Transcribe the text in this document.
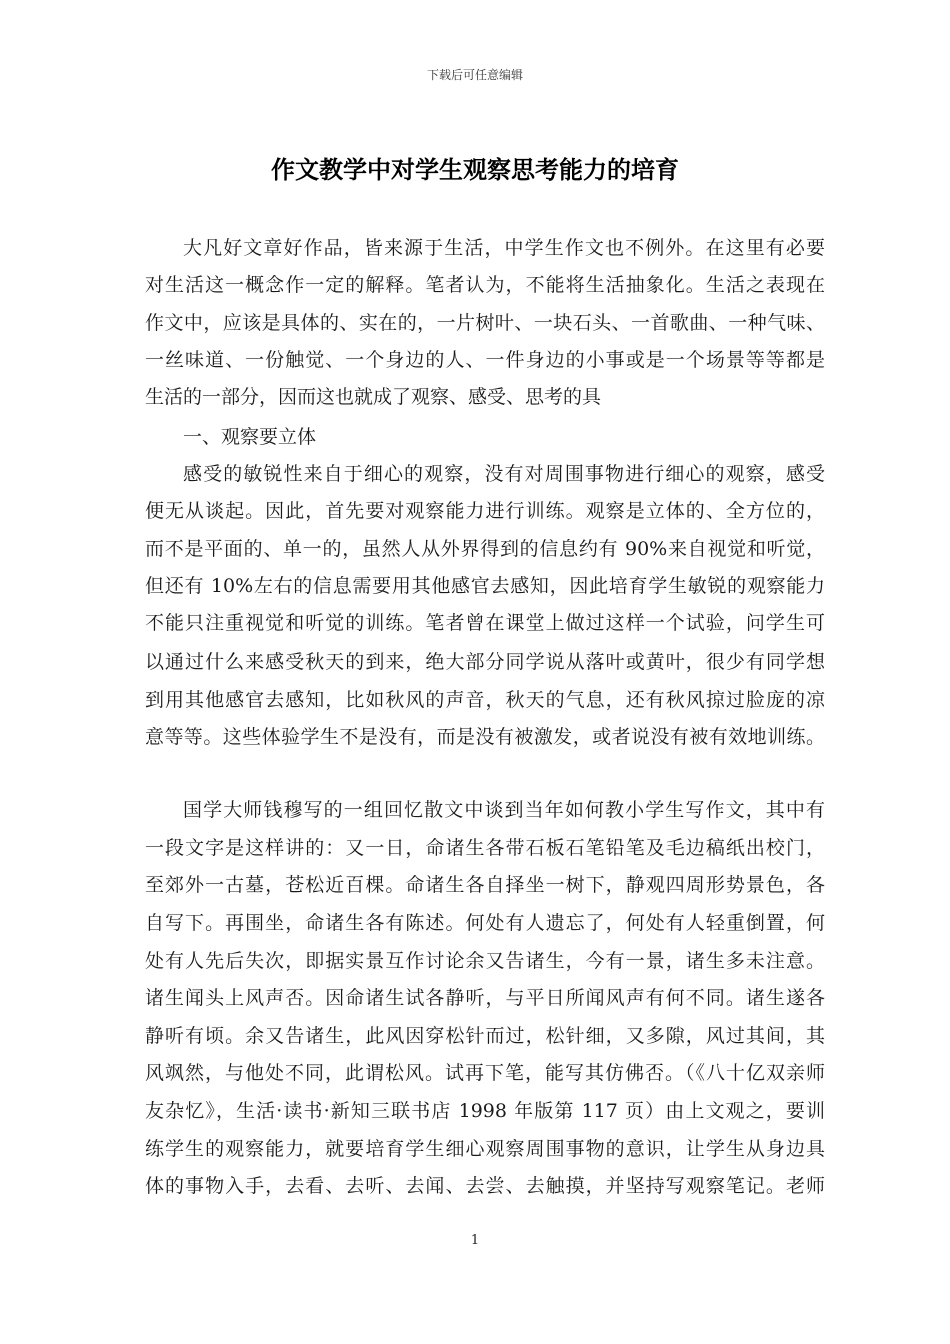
下载后可任意编辑
作文教学中对学生观察思考能力的培育
大凡好文章好作品，皆来源于生活，中学生作文也不例外。在这里有必要
对生活这一概念作一定的解释。笔者认为，不能将生活抽象化。生活之表现在
作文中，应该是具体的、实在的，一片树叶、一块石头、一首歌曲、一种气味、
一丝味道、一份触觉、一个身边的人、一件身边的小事或是一个场景等等都是
生活的一部分，因而这也就成了观察、感受、思考的具
一、观察要立体
感受的敏锐性来自于细心的观察，没有对周围事物进行细心的观察，感受
便无从谈起。因此，首先要对观察能力进行训练。观察是立体的、全方位的，
而不是平面的、单一的，虽然人从外界得到的信息约有 90%来自视觉和听觉，
但还有 10%左右的信息需要用其他感官去感知，因此培育学生敏锐的观察能力
不能只注重视觉和听觉的训练。笔者曾在课堂上做过这样一个试验，问学生可
以通过什么来感受秋天的到来，绝大部分同学说从落叶或黄叶，很少有同学想
到用其他感官去感知，比如秋风的声音，秋天的气息，还有秋风掠过脸庞的凉
意等等。这些体验学生不是没有，而是没有被激发，或者说没有被有效地训练。
国学大师钱穆写的一组回忆散文中谈到当年如何教小学生写作文，其中有
一段文字是这样讲的：又一日，命诸生各带石板石笔铅笔及毛边稿纸出校门，
至郊外一古墓，苍松近百棵。命诸生各自择坐一树下，静观四周形势景色，各
自写下。再围坐，命诸生各有陈述。何处有人遗忘了，何处有人轻重倒置，何
处有人先后失次，即据实景互作讨论余又告诸生，今有一景，诸生多未注意。
诸生闻头上风声否。因命诸生试各静听，与平日所闻风声有何不同。诸生遂各
静听有顷。余又告诸生，此风因穿松针而过，松针细，又多隙，风过其间，其
风飒然，与他处不同，此谓松风。试再下笔，能写其仿佛否。（《八十亿双亲师
友杂忆》，生活·读书·新知三联书店 1998 年版第 117 页）由上文观之，要训
练学生的观察能力，就要培育学生细心观察周围事物的意识，让学生从身边具
体的事物入手，去看、去听、去闻、去尝、去触摸，并坚持写观察笔记。老师
1
